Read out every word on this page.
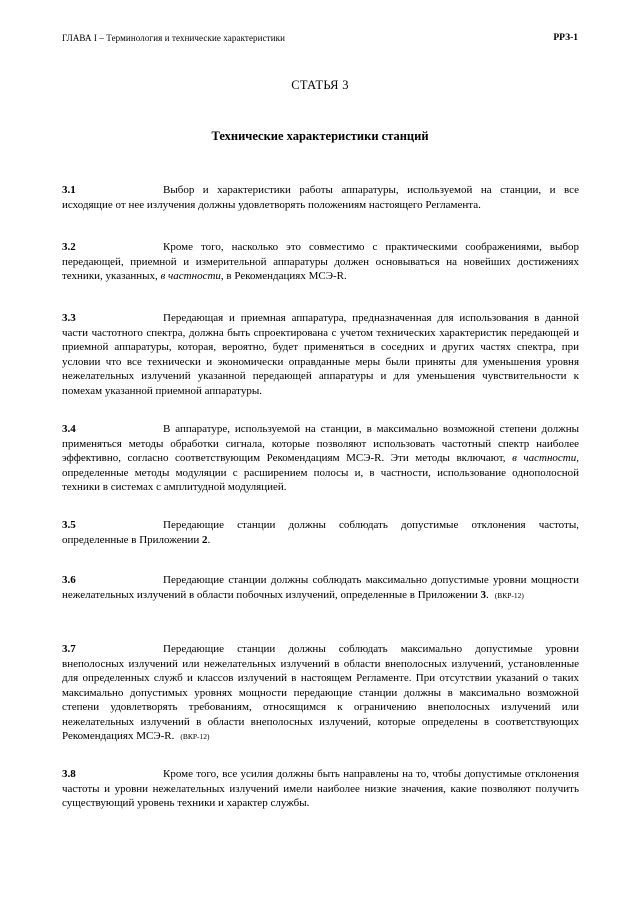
ГЛАВА I – Терминология и технические характеристики	РРЗ-1
СТАТЬЯ 3
Технические характеристики станций
3.1	Выбор и характеристики работы аппаратуры, используемой на станции, и все исходящие от нее излучения должны удовлетворять положениям настоящего Регламента.
3.2	Кроме того, насколько это совместимо с практическими соображениями, выбор передающей, приемной и измерительной аппаратуры должен основываться на новейших достижениях техники, указанных, в частности, в Рекомендациях МСЭ-R.
3.3	Передающая и приемная аппаратура, предназначенная для использования в данной части частотного спектра, должна быть спроектирована с учетом технических характеристик передающей и приемной аппаратуры, которая, вероятно, будет применяться в соседних и других частях спектра, при условии что все технически и экономически оправданные меры были приняты для уменьшения уровня нежелательных излучений указанной передающей аппаратуры и для уменьшения чувствительности к помехам указанной приемной аппаратуры.
3.4	В аппаратуре, используемой на станции, в максимально возможной степени должны применяться методы обработки сигнала, которые позволяют использовать частотный спектр наиболее эффективно, согласно соответствующим Рекомендациям МСЭ-R. Эти методы включают, в частности, определенные методы модуляции с расширением полосы и, в частности, использование однополосной техники в системах с амплитудной модуляцией.
3.5	Передающие станции должны соблюдать допустимые отклонения частоты, определенные в Приложении 2.
3.6	Передающие станции должны соблюдать максимально допустимые уровни мощности нежелательных излучений в области побочных излучений, определенные в Приложении 3. (ВКР-12)
3.7	Передающие станции должны соблюдать максимально допустимые уровни внеполосных излучений или нежелательных излучений в области внеполосных излучений, установленные для определенных служб и классов излучений в настоящем Регламенте. При отсутствии указаний о таких максимально допустимых уровнях мощности передающие станции должны в максимально возможной степени удовлетворять требованиям, относящимся к ограничению внеполосных излучений или нежелательных излучений в области внеполосных излучений, которые определены в соответствующих Рекомендациях МСЭ-R. (ВКР-12)
3.8	Кроме того, все усилия должны быть направлены на то, чтобы допустимые отклонения частоты и уровни нежелательных излучений имели наиболее низкие значения, какие позволяют получить существующий уровень техники и характер службы.
